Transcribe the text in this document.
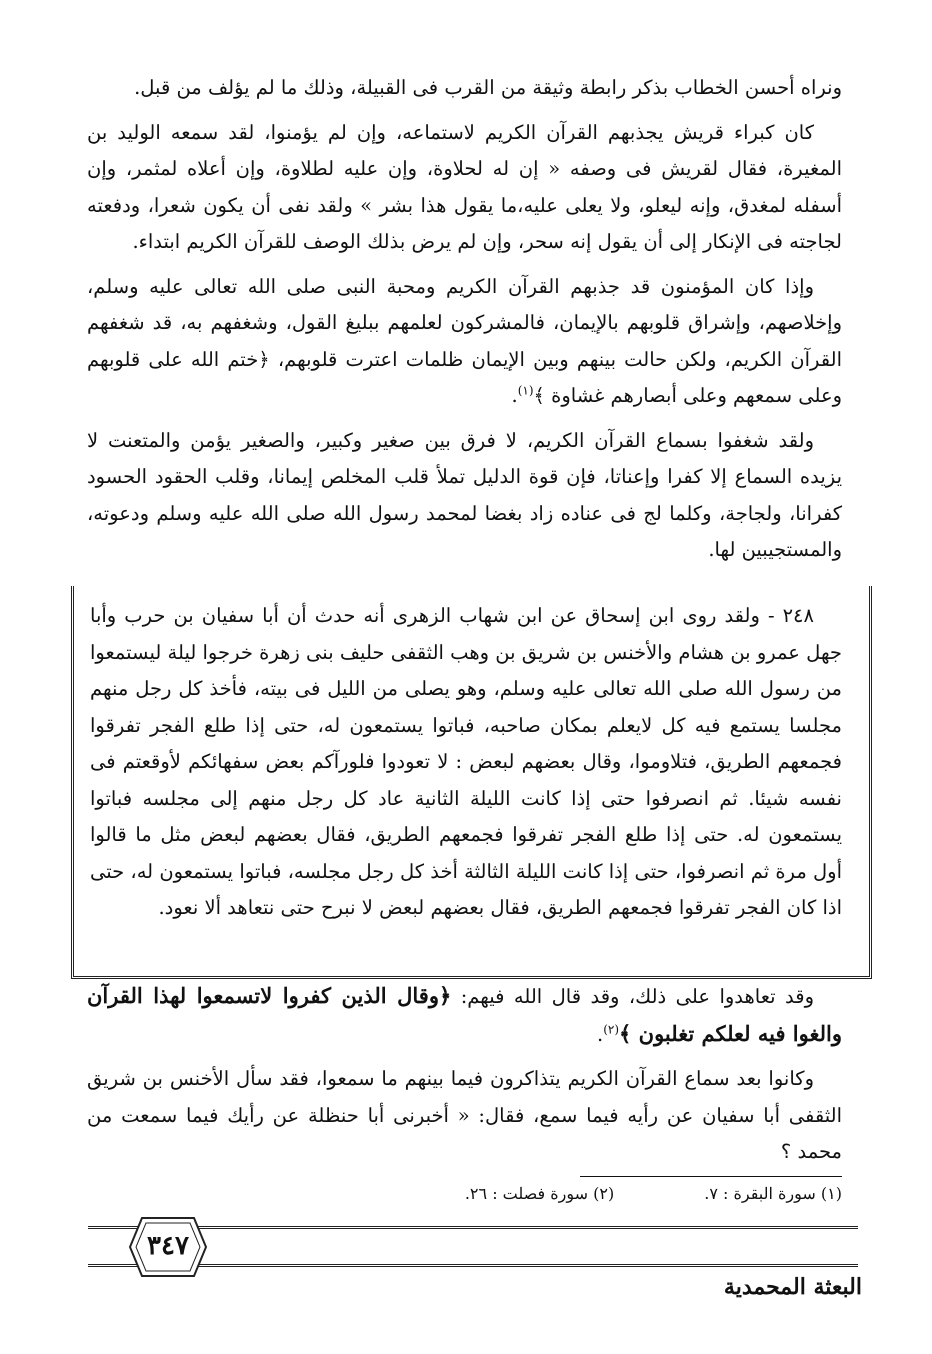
ونراه أحسن الخطاب بذكر رابطة وثيقة من القرب فى القبيلة، وذلك ما لم يؤلف من قبل.

كان كبراء قريش يجذبهم القرآن الكريم لاستماعه، وإن لم يؤمنوا، لقد سمعه الوليد بن المغيرة، فقال لقريش فى وصفه « إن له لحلاوة، وإن عليه لطلاوة، وإن أعلاه لمثمر، وإن أسفله لمغدق، وإنه ليعلو، ولا يعلى عليه،ما يقول هذا بشر » ولقد نفى أن يكون شعرا، ودفعته لجاجته فى الإنكار إلى أن يقول إنه سحر، وإن لم يرض بذلك الوصف للقرآن الكريم ابتداء.

وإذا كان المؤمنون قد جذبهم القرآن الكريم ومحبة النبى صلى الله تعالى عليه وسلم، وإخلاصهم، وإشراق قلوبهم بالإيمان، فالمشركون لعلمهم ببليغ القول، وشغفهم به، قد شغفهم القرآن الكريم، ولكن حالت بينهم وبين الإيمان ظلمات اعترت قلوبهم، ﴿ختم الله على قلوبهم وعلى سمعهم وعلى أبصارهم غشاوة ﴾$^{(١)}$.

ولقد شغفوا بسماع القرآن الكريم، لا فرق بين صغير وكبير، والصغير يؤمن والمتعنت لا يزيده السماع إلا كفرا وإعناتا، فإن قوة الدليل تملأ قلب المخلص إيمانا، وقلب الحقود الحسود كفرانا، ولجاجة، وكلما لج فى عناده زاد بغضا لمحمد رسول الله صلى الله عليه وسلم ودعوته، والمستجيبين لها.

٢٤٨ - ولقد روى ابن إسحاق عن ابن شهاب الزهرى أنه حدث أن أبا سفيان بن حرب وأبا جهل عمرو بن هشام والأخنس بن شريق بن وهب الثقفى حليف بنى زهرة خرجوا ليلة ليستمعوا من رسول الله صلى الله تعالى عليه وسلم، وهو يصلى من الليل فى بيته، فأخذ كل رجل منهم مجلسا يستمع فيه كل لايعلم بمكان صاحبه، فباتوا يستمعون له، حتى إذا طلع الفجر تفرقوا فجمعهم الطريق، فتلاوموا، وقال بعضهم لبعض : لا تعودوا فلورآكم بعض سفهائكم لأوقعتم فى نفسه شيئا. ثم انصرفوا حتى إذا كانت الليلة الثانية عاد كل رجل منهم إلى مجلسه فباتوا يستمعون له. حتى إذا طلع الفجر تفرقوا فجمعهم الطريق، فقال بعضهم لبعض مثل ما قالوا أول مرة ثم انصرفوا، حتى إذا كانت الليلة الثالثة أخذ كل رجل مجلسه، فباتوا يستمعون له، حتى اذا كان الفجر تفرقوا فجمعهم الطريق، فقال بعضهم لبعض لا نبرح حتى نتعاهد ألا نعود.

وقد تعاهدوا على ذلك، وقد قال الله فيهم: ﴿وقال الذين كفروا لاتسمعوا لهذا القرآن والغوا فيه لعلكم تغلبون ﴾$^{(٢)}$.

وكانوا بعد سماع القرآن الكريم يتذاكرون فيما بينهم ما سمعوا، فقد سأل الأخنس بن شريق الثقفى أبا سفيان عن رأيه فيما سمع، فقال: « أخبرنى أبا حنظلة عن رأيك فيما سمعت من محمد ؟

(١) سورة البقرة : ٧.
(٢) سورة فصلت : ٢٦.
٣٤٧
البعثة المحمدية
